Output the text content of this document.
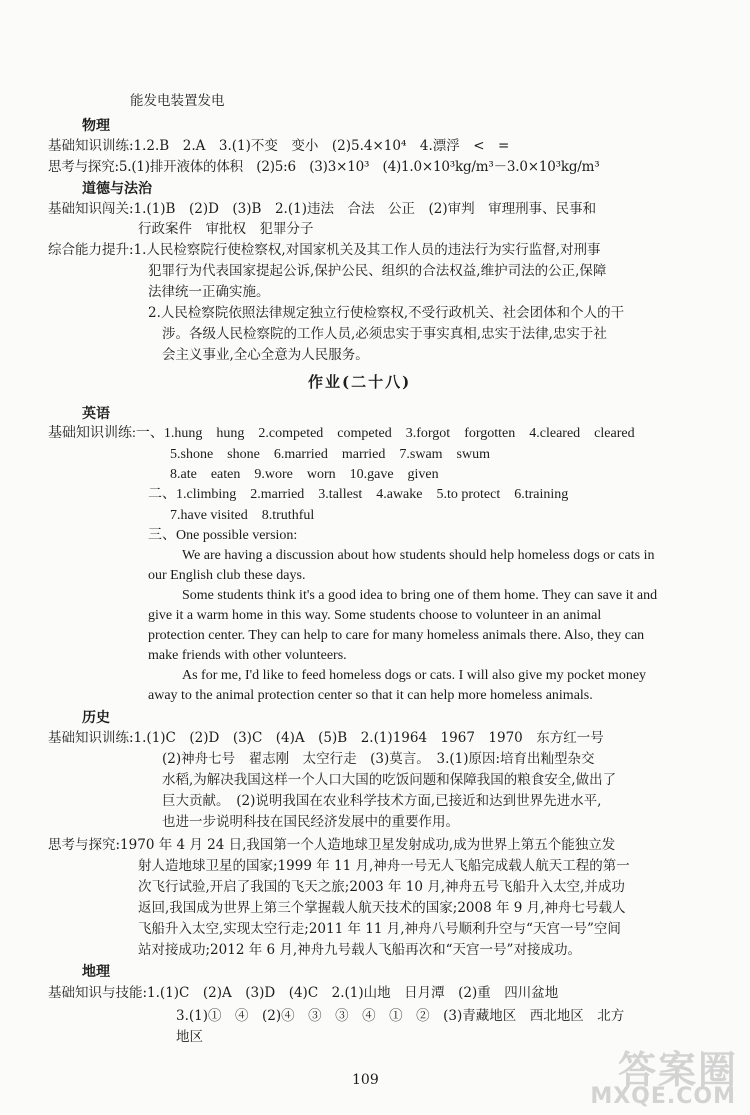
能发电装置发电
物理
基础知识训练:1.2.B　2.A　3.(1)不变　变小　(2)5.4×10⁴　4.漂浮　<　=
思考与探究:5.(1)排开液体的体积　(2)5:6　(3)3×10³　(4)1.0×10³kg/m³－3.0×10³kg/m³
道德与法治
基础知识闯关:1.(1)B　(2)D　(3)B　2.(1)违法　合法　公正　(2)审判　审理刑事、民事和
行政案件　审批权　犯罪分子
综合能力提升:1.人民检察院行使检察权,对国家机关及其工作人员的违法行为实行监督,对刑事
犯罪行为代表国家提起公诉,保护公民、组织的合法权益,维护司法的公正,保障
法律统一正确实施。
2.人民检察院依照法律规定独立行使检察权,不受行政机关、社会团体和个人的干
涉。各级人民检察院的工作人员,必须忠实于事实真相,忠实于法律,忠实于社
会主义事业,全心全意为人民服务。
作业(二十八)
英语
基础知识训练:一、1.hung　hung　2.competed　competed　3.forgot　forgotten　4.cleared　cleared
5.shone　shone　6.married　married　7.swam　swum
8.ate　eaten　9.wore　worn　10.gave　given
二、1.climbing　2.married　3.tallest　4.awake　5.to protect　6.training
7.have visited　8.truthful
三、One possible version:
We are having a discussion about how students should help homeless dogs or cats in
our English club these days.
Some students think it's a good idea to bring one of them home. They can save it and
give it a warm home in this way. Some students choose to volunteer in an animal
protection center. They can help to care for many homeless animals there. Also, they can
make friends with other volunteers.
As for me, I'd like to feed homeless dogs or cats. I will also give my pocket money
away to the animal protection center so that it can help more homeless animals.
历史
基础知识训练:1.(1)C　(2)D　(3)C　(4)A　(5)B　2.(1)1964　1967　1970　东方红一号
(2)神舟七号　翟志刚　太空行走　(3)莫言。　3.(1)原因:培育出籼型杂交
水稻,为解决我国这样一个人口大国的吃饭问题和保障我国的粮食安全,做出了
巨大贡献。　(2)说明我国在农业科学技术方面,已接近和达到世界先进水平,
也进一步说明科技在国民经济发展中的重要作用。
思考与探究:1970 年 4 月 24 日,我国第一个人造地球卫星发射成功,成为世界上第五个能独立发
射人造地球卫星的国家;1999 年 11 月,神舟一号无人飞船完成载人航天工程的第一
次飞行试验,开启了我国的飞天之旅;2003 年 10 月,神舟五号飞船升入太空,并成功
返回,我国成为世界上第三个掌握载人航天技术的国家;2008 年 9 月,神舟七号载人
飞船升入太空,实现太空行走;2011 年 11 月,神舟八号顺利升空与“天宫一号”空间
站对接成功;2012 年 6 月,神舟九号载人飞船再次和“天宫一号”对接成功。
地理
基础知识与技能:1.(1)C　(2)A　(3)D　(4)C　2.(1)山地　日月潭　(2)重　四川盆地
3.(1)①　④　(2)④　③　③　④　①　②　(3)青藏地区　西北地区　北方
地区
109	答案圈
MXQE.COM
